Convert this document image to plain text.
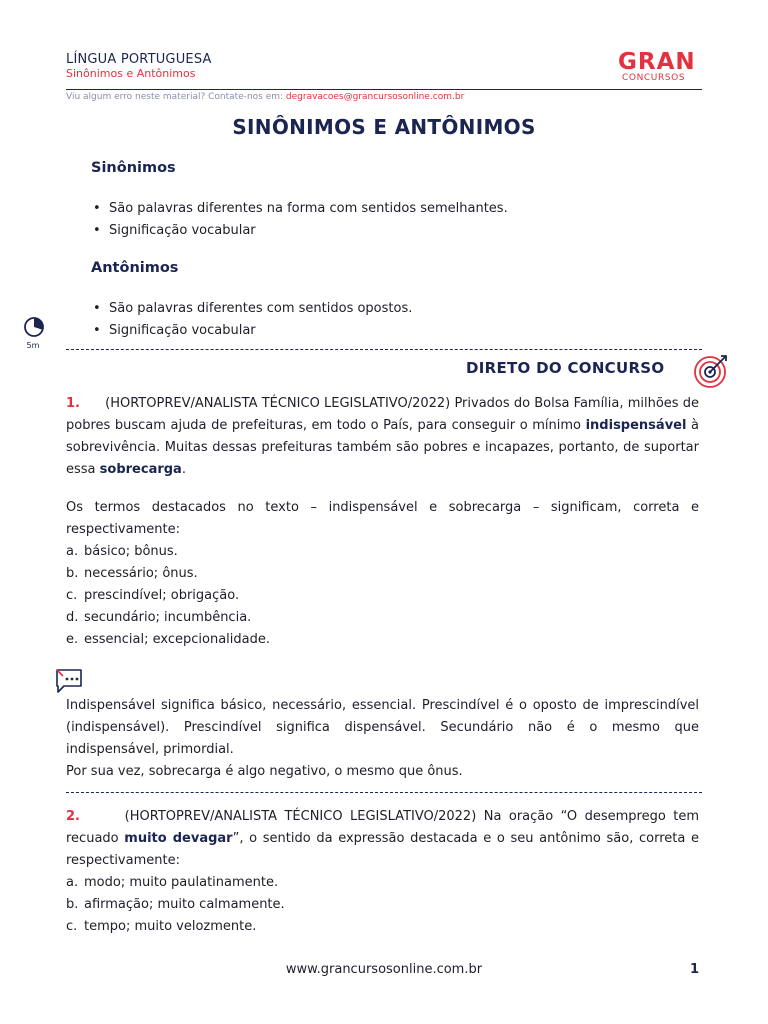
LÍNGUA PORTUGUESA
Sinônimos e Antônimos	GRAN
CONCURSOS
Viu algum erro neste material? Contate-nos em: degravacoes@grancursosonline.com.br
SINÔNIMOS E ANTÔNIMOS
Sinônimos
• São palavras diferentes na forma com sentidos semelhantes.
• Significação vocabular
Antônimos
• São palavras diferentes com sentidos opostos.
• Significação vocabular
5m
DIRETO DO CONCURSO
1. (HORTOPREV/ANALISTA TÉCNICO LEGISLATIVO/2022) Privados do Bolsa Família, milhões de pobres buscam ajuda de prefeituras, em todo o País, para conseguir o mínimo indispensável à sobrevivência. Muitas dessas prefeituras também são pobres e incapazes, portanto, de suportar essa sobrecarga.
Os termos destacados no texto – indispensável e sobrecarga – significam, correta e respectivamente:
a. básico; bônus.
b. necessário; ônus.
c. prescindível; obrigação.
d. secundário; incumbência.
e. essencial; excepcionalidade.
Indispensável significa básico, necessário, essencial. Prescindível é o oposto de imprescindível (indispensável). Prescindível significa dispensável. Secundário não é o mesmo que indispensável, primordial.
Por sua vez, sobrecarga é algo negativo, o mesmo que ônus.
2.	(HORTOPREV/ANALISTA TÉCNICO LEGISLATIVO/2022) Na oração “O desemprego tem recuado muito devagar”, o sentido da expressão destacada e o seu antônimo são, correta e respectivamente:
a. modo; muito paulatinamente.
b. afirmação; muito calmamente.
c. tempo; muito velozmente.
www.grancursosonline.com.br	1
